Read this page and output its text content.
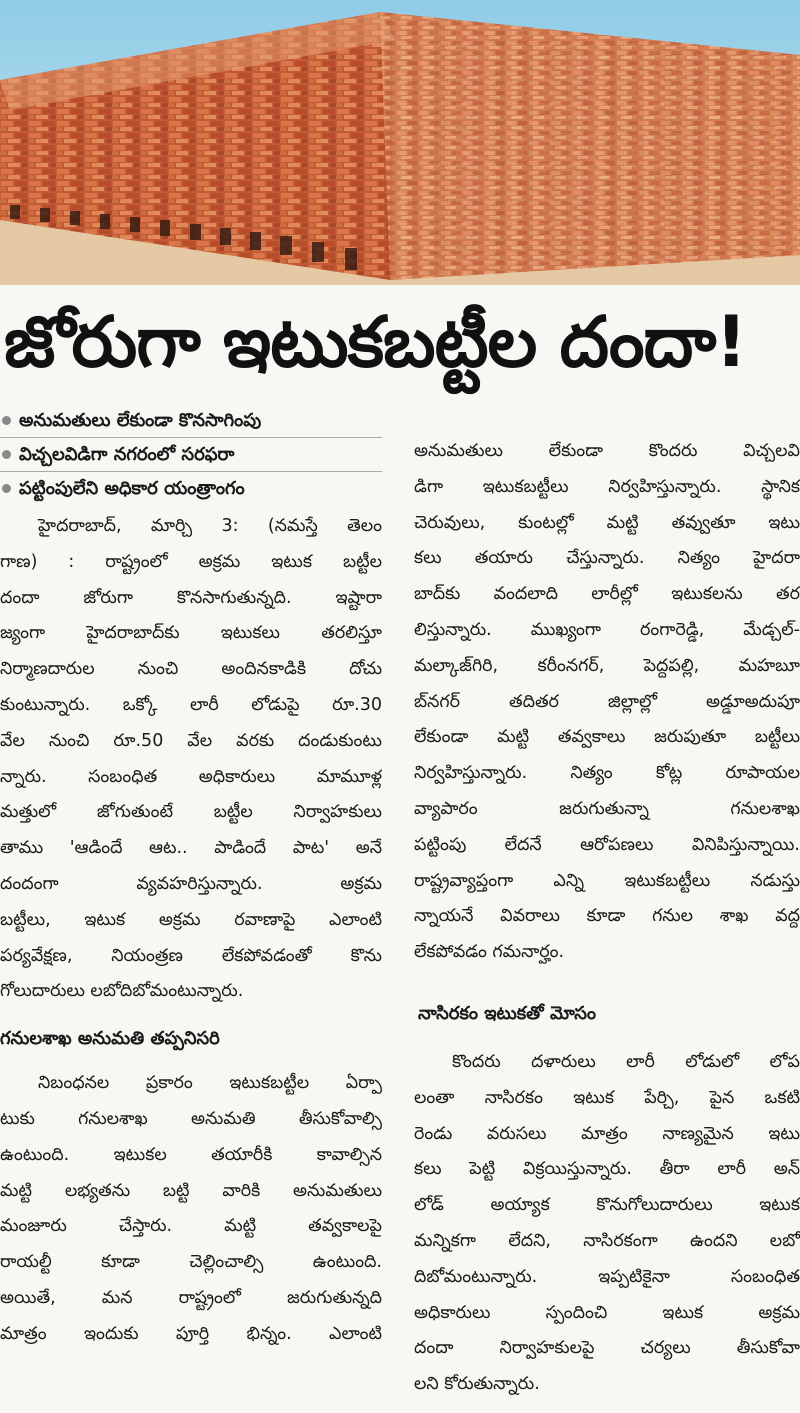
జోరుగా ఇటుకబట్టీల దందా!
అనుమతులు లేకుండా కొనసాగింపు
విచ్చలవిడిగా నగరంలో సరఫరా
పట్టింపులేని అధికార యంత్రాంగం
హైదరాబాద్, మార్చి 3: (నమస్తే తెలం
గాణ) : రాష్ట్రంలో అక్రమ ఇటుక బట్టీల
దందా జోరుగా కొనసాగుతున్నది. ఇష్టారా
జ్యంగా హైదరాబాద్‌కు ఇటుకలు తరలిస్తూ
నిర్మాణదారుల నుంచి అందినకాడికి దోచు
కుంటున్నారు. ఒక్కో లారీ లోడుపై రూ.30
వేల నుంచి రూ.50 వేల వరకు దండుకుంటు
న్నారు. సంబంధిత అధికారులు మామూళ్ల
మత్తులో జోగుతుంటే బట్టీల నిర్వాహకులు
తాము 'ఆడిందే ఆట.. పాడిందే పాట' అనే
దందంగా వ్యవహరిస్తున్నారు. అక్రమ
బట్టీలు, ఇటుక అక్రమ రవాణాపై ఎలాంటి
పర్యవేక్షణ, నియంత్రణ లేకపోవడంతో కొను
గోలుదారులు లబోదిబోమంటున్నారు.
గనులశాఖ అనుమతి తప్పనిసరి
నిబంధనల ప్రకారం ఇటుకబట్టీల ఏర్పా
టుకు గనులశాఖ అనుమతి తీసుకోవాల్సి
ఉంటుంది. ఇటుకల తయారీకి కావాల్సిన
మట్టి లభ్యతను బట్టి వారికి అనుమతులు
మంజూరు చేస్తారు. మట్టి తవ్వకాలపై
రాయల్టీ కూడా చెల్లించాల్సి ఉంటుంది.
అయితే, మన రాష్ట్రంలో జరుగుతున్నది
మాత్రం ఇందుకు పూర్తి భిన్నం. ఎలాంటి
అనుమతులు లేకుండా కొందరు విచ్చలవి
డిగా ఇటుకబట్టీలు నిర్వహిస్తున్నారు. స్థానిక
చెరువులు, కుంటల్లో మట్టి తవ్వుతూ ఇటు
కలు తయారు చేస్తున్నారు. నిత్యం హైదరా
బాద్‌కు వందలాది లారీల్లో ఇటుకలను తర
లిస్తున్నారు. ముఖ్యంగా రంగారెడ్డి, మేడ్చల్-
మల్కాజ్‌గిరి, కరీంనగర్, పెద్దపల్లి, మహబూ
బ్‌నగర్ తదితర జిల్లాల్లో అడ్డూఅదుపూ
లేకుండా మట్టి తవ్వకాలు జరుపుతూ బట్టీలు
నిర్వహిస్తున్నారు. నిత్యం కోట్ల రూపాయల
వ్యాపారం జరుగుతున్నా గనులశాఖ
పట్టింపు లేదనే ఆరోపణలు వినిపిస్తున్నాయి.
రాష్ట్రవ్యాప్తంగా ఎన్ని ఇటుకబట్టీలు నడుస్తు
న్నాయనే వివరాలు కూడా గనుల శాఖ వద్ద
లేకపోవడం గమనార్హం.
నాసిరకం ఇటుకతో మోసం
కొందరు దళారులు లారీ లోడులో లోప
లంతా నాసిరకం ఇటుక పేర్చి, పైన ఒకటి
రెండు వరుసలు మాత్రం నాణ్యమైన ఇటు
కలు పెట్టి విక్రయిస్తున్నారు. తీరా లారీ అన్
లోడ్ అయ్యాక కొనుగోలుదారులు ఇటుక
మన్నికగా లేదని, నాసిరకంగా ఉందని లబో
దిబోమంటున్నారు. ఇప్పటికైనా సంబంధిత
అధికారులు స్పందించి ఇటుక అక్రమ
దందా నిర్వాహకులపై చర్యలు తీసుకోవా
లని కోరుతున్నారు.
